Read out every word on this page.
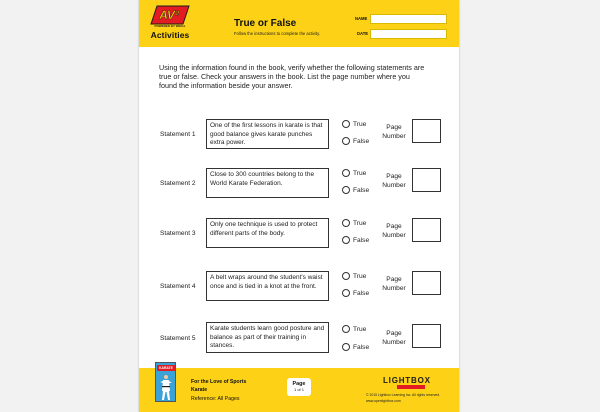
AV²
POWERED BY WEIGL
Activities
True or False
Follow the instructions to complete the activity.
NAME
DATE
Using the information found in the book, verify whether the following statements are true or false. Check your answers in the book. List the page number where you found the information beside your answer.
Statement 1
One of the first lessons in karate is that good balance gives karate punches extra power.
True
False
Page
Number
Statement 2
Close to 300 countries belong to the World Karate Federation.
True
False
Page
Number
Statement 3
Only one technique is used to protect different parts of the body.
True
False
Page
Number
Statement 4
A belt wraps around the student's waist once and is tied in a knot at the front.
True
False
Page
Number
Statement 5
Karate students learn good posture and balance as part of their training in stances.
True
False
Page
Number
KARATE
For the Love of Sports
Karate
Reference: All Pages
Page
1 of 1
LIGHTBOX
© 2015 Lightbox Learning Inc. All rights reserved.
www.openlightbox.com
